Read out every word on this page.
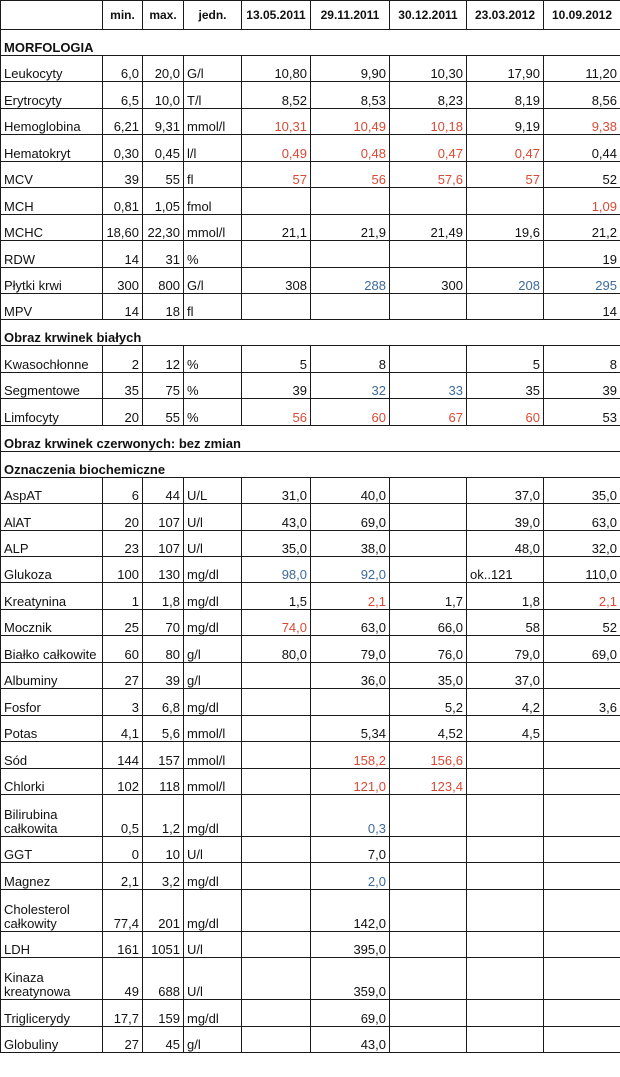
	min.	max.	jedn.	13.05.2011	29.11.2011	30.12.2011	23.03.2012	10.09.2012
MORFOLOGIA								
Leukocyty	6,0	20,0	G/l	10,80	9,90	10,30	17,90	11,20
Erytrocyty	6,5	10,0	T/l	8,52	8,53	8,23	8,19	8,56
Hemoglobina	6,21	9,31	mmol/l	10,31	10,49	10,18	9,19	9,38
Hematokryt	0,30	0,45	l/l	0,49	0,48	0,47	0,47	0,44
MCV	39	55	fl	57	56	57,6	57	52
MCH	0,81	1,05	fmol					1,09
MCHC	18,60	22,30	mmol/l	21,1	21,9	21,49	19,6	21,2
RDW	14	31	%					19
Płytki krwi	300	800	G/l	308	288	300	208	295
MPV	14	18	fl					14
Obraz krwinek białych								
Kwasochłonne	2	12	%	5	8		5	8
Segmentowe	35	75	%	39	32	33	35	39
Limfocyty	20	55	%	56	60	67	60	53
Obraz krwinek czerwonych: bez zmian								
Oznaczenia biochemiczne								
AspAT	6	44	U/L	31,0	40,0		37,0	35,0
AlAT	20	107	U/l	43,0	69,0		39,0	63,0
ALP	23	107	U/l	35,0	38,0		48,0	32,0
Glukoza	100	130	mg/dl	98,0	92,0		ok..121	110,0
Kreatynina	1	1,8	mg/dl	1,5	2,1	1,7	1,8	2,1
Mocznik	25	70	mg/dl	74,0	63,0	66,0	58	52
Białko całkowite	60	80	g/l	80,0	79,0	76,0	79,0	69,0
Albuminy	27	39	g/l		36,0	35,0	37,0	
Fosfor	3	6,8	mg/dl			5,2	4,2	3,6
Potas	4,1	5,6	mmol/l		5,34	4,52	4,5	
Sód	144	157	mmol/l		158,2	156,6		
Chlorki	102	118	mmol/l		121,0	123,4		
Bilirubina całkowita	0,5	1,2	mg/dl		0,3			
GGT	0	10	U/l		7,0			
Magnez	2,1	3,2	mg/dl		2,0			
Cholesterol całkowity	77,4	201	mg/dl		142,0			
LDH	161	1051	U/l		395,0			
Kinaza kreatynowa	49	688	U/l		359,0			
Triglicerydy	17,7	159	mg/dl		69,0			
Globuliny	27	45	g/l		43,0			
